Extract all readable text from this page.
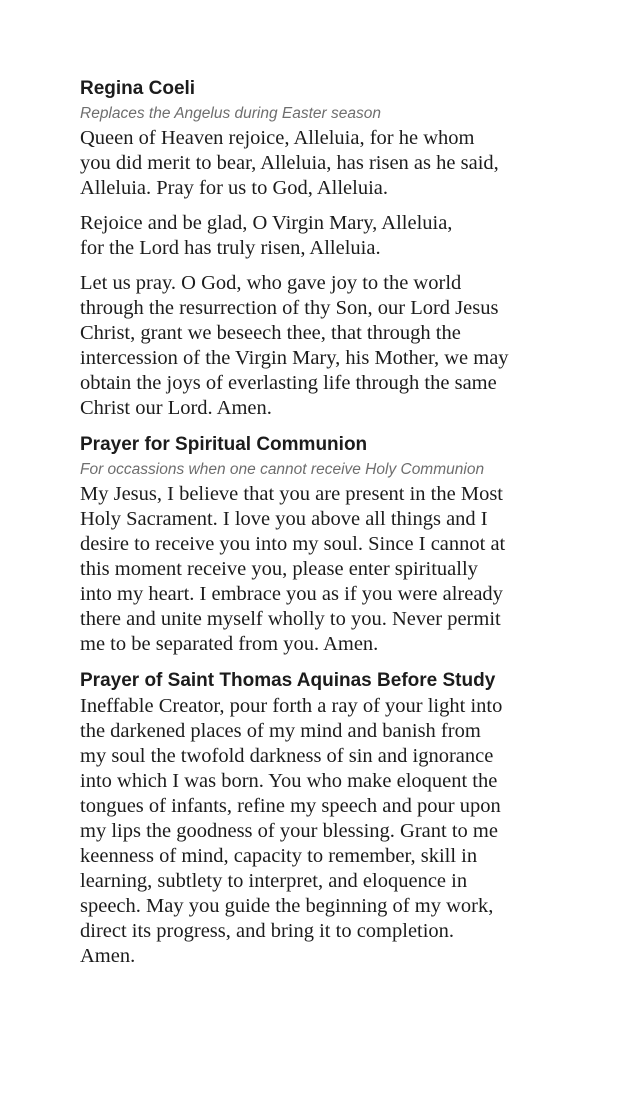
Regina Coeli
Replaces the Angelus during Easter season

Queen of Heaven rejoice, Alleluia, for he whom
you did merit to bear, Alleluia, has risen as he said,
Alleluia. Pray for us to God, Alleluia.

Rejoice and be glad, O Virgin Mary, Alleluia,
for the Lord has truly risen, Alleluia.

Let us pray. O God, who gave joy to the world
through the resurrection of thy Son, our Lord Jesus
Christ, grant we beseech thee, that through the
intercession of the Virgin Mary, his Mother, we may
obtain the joys of everlasting life through the same
Christ our Lord. Amen.

Prayer for Spiritual Communion
For occassions when one cannot receive Holy Communion

My Jesus, I believe that you are present in the Most
Holy Sacrament. I love you above all things and I
desire to receive you into my soul. Since I cannot at
this moment receive you, please enter spiritually
into my heart. I embrace you as if you were already
there and unite myself wholly to you. Never permit
me to be separated from you. Amen.

Prayer of Saint Thomas Aquinas Before Study

Ineffable Creator, pour forth a ray of your light into
the darkened places of my mind and banish from
my soul the twofold darkness of sin and ignorance
into which I was born. You who make eloquent the
tongues of infants, refine my speech and pour upon
my lips the goodness of your blessing. Grant to me
keenness of mind, capacity to remember, skill in
learning, subtlety to interpret, and eloquence in
speech. May you guide the beginning of my work,
direct its progress, and bring it to completion.
Amen.
